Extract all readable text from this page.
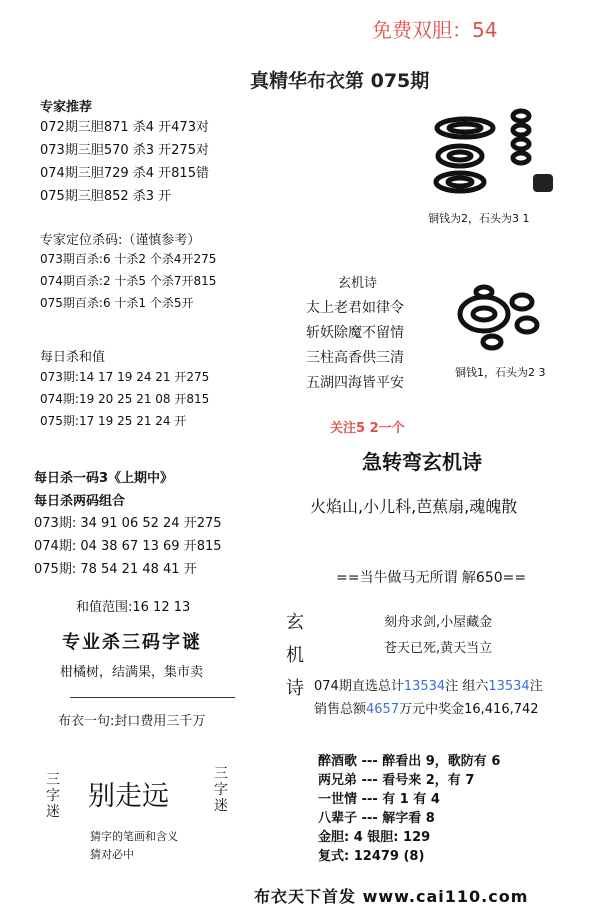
免费双胆：54
真精华布衣第 075期
专家推荐
072期三胆871 杀4 开473对
073期三胆570 杀3 开275对
074期三胆729 杀4 开815错
075期三胆852 杀3 开
专家定位杀码:（谨慎参考）
073期百杀:6 十杀2 个杀4开275
074期百杀:2 十杀5 个杀7开815
075期百杀:6 十杀1 个杀5开
每日杀和值
073期:14 17 19 24 21 开275
074期:19 20 25 21 08 开815
075期:17 19 25 21 24 开
每日杀一码3《上期中》
每日杀两码组合
073期: 34 91 06 52 24 开275
074期: 04 38 67 13 69 开815
075期: 78 54 21 48 41 开
和值范围:16 12 13
专业杀三码字谜
柑橘树，结满果，集市卖
布衣一句:封口费用三千万
三字迷 别走远
三字迷
猜字的笔画和含义
猜对必中
铜钱为2，石头为3 1
玄机诗
太上老君如律令
斩妖除魔不留情
三柱高香供三清
五湖四海皆平安
铜钱1，石头为2 3
关注5 2一个
急转弯玄机诗
火焰山,小儿科,芭蕉扇,魂魄散
==当牛做马无所谓 解650==
玄
机
诗
刻舟求剑,小屋藏金
苍天已死,黄天当立
074期直选总计13534注 组六13534注
销售总额4657万元中奖金16,416,742
醉酒歌 --- 醉看出 9，歌防有 6
两兄弟 --- 看号来 2，有 7
一世情 --- 有 1 有 4
八辈子 --- 解字看 8
金胆: 4 银胆: 129
复式: 12479 (8)
布衣天下首发 www.cai110.com
